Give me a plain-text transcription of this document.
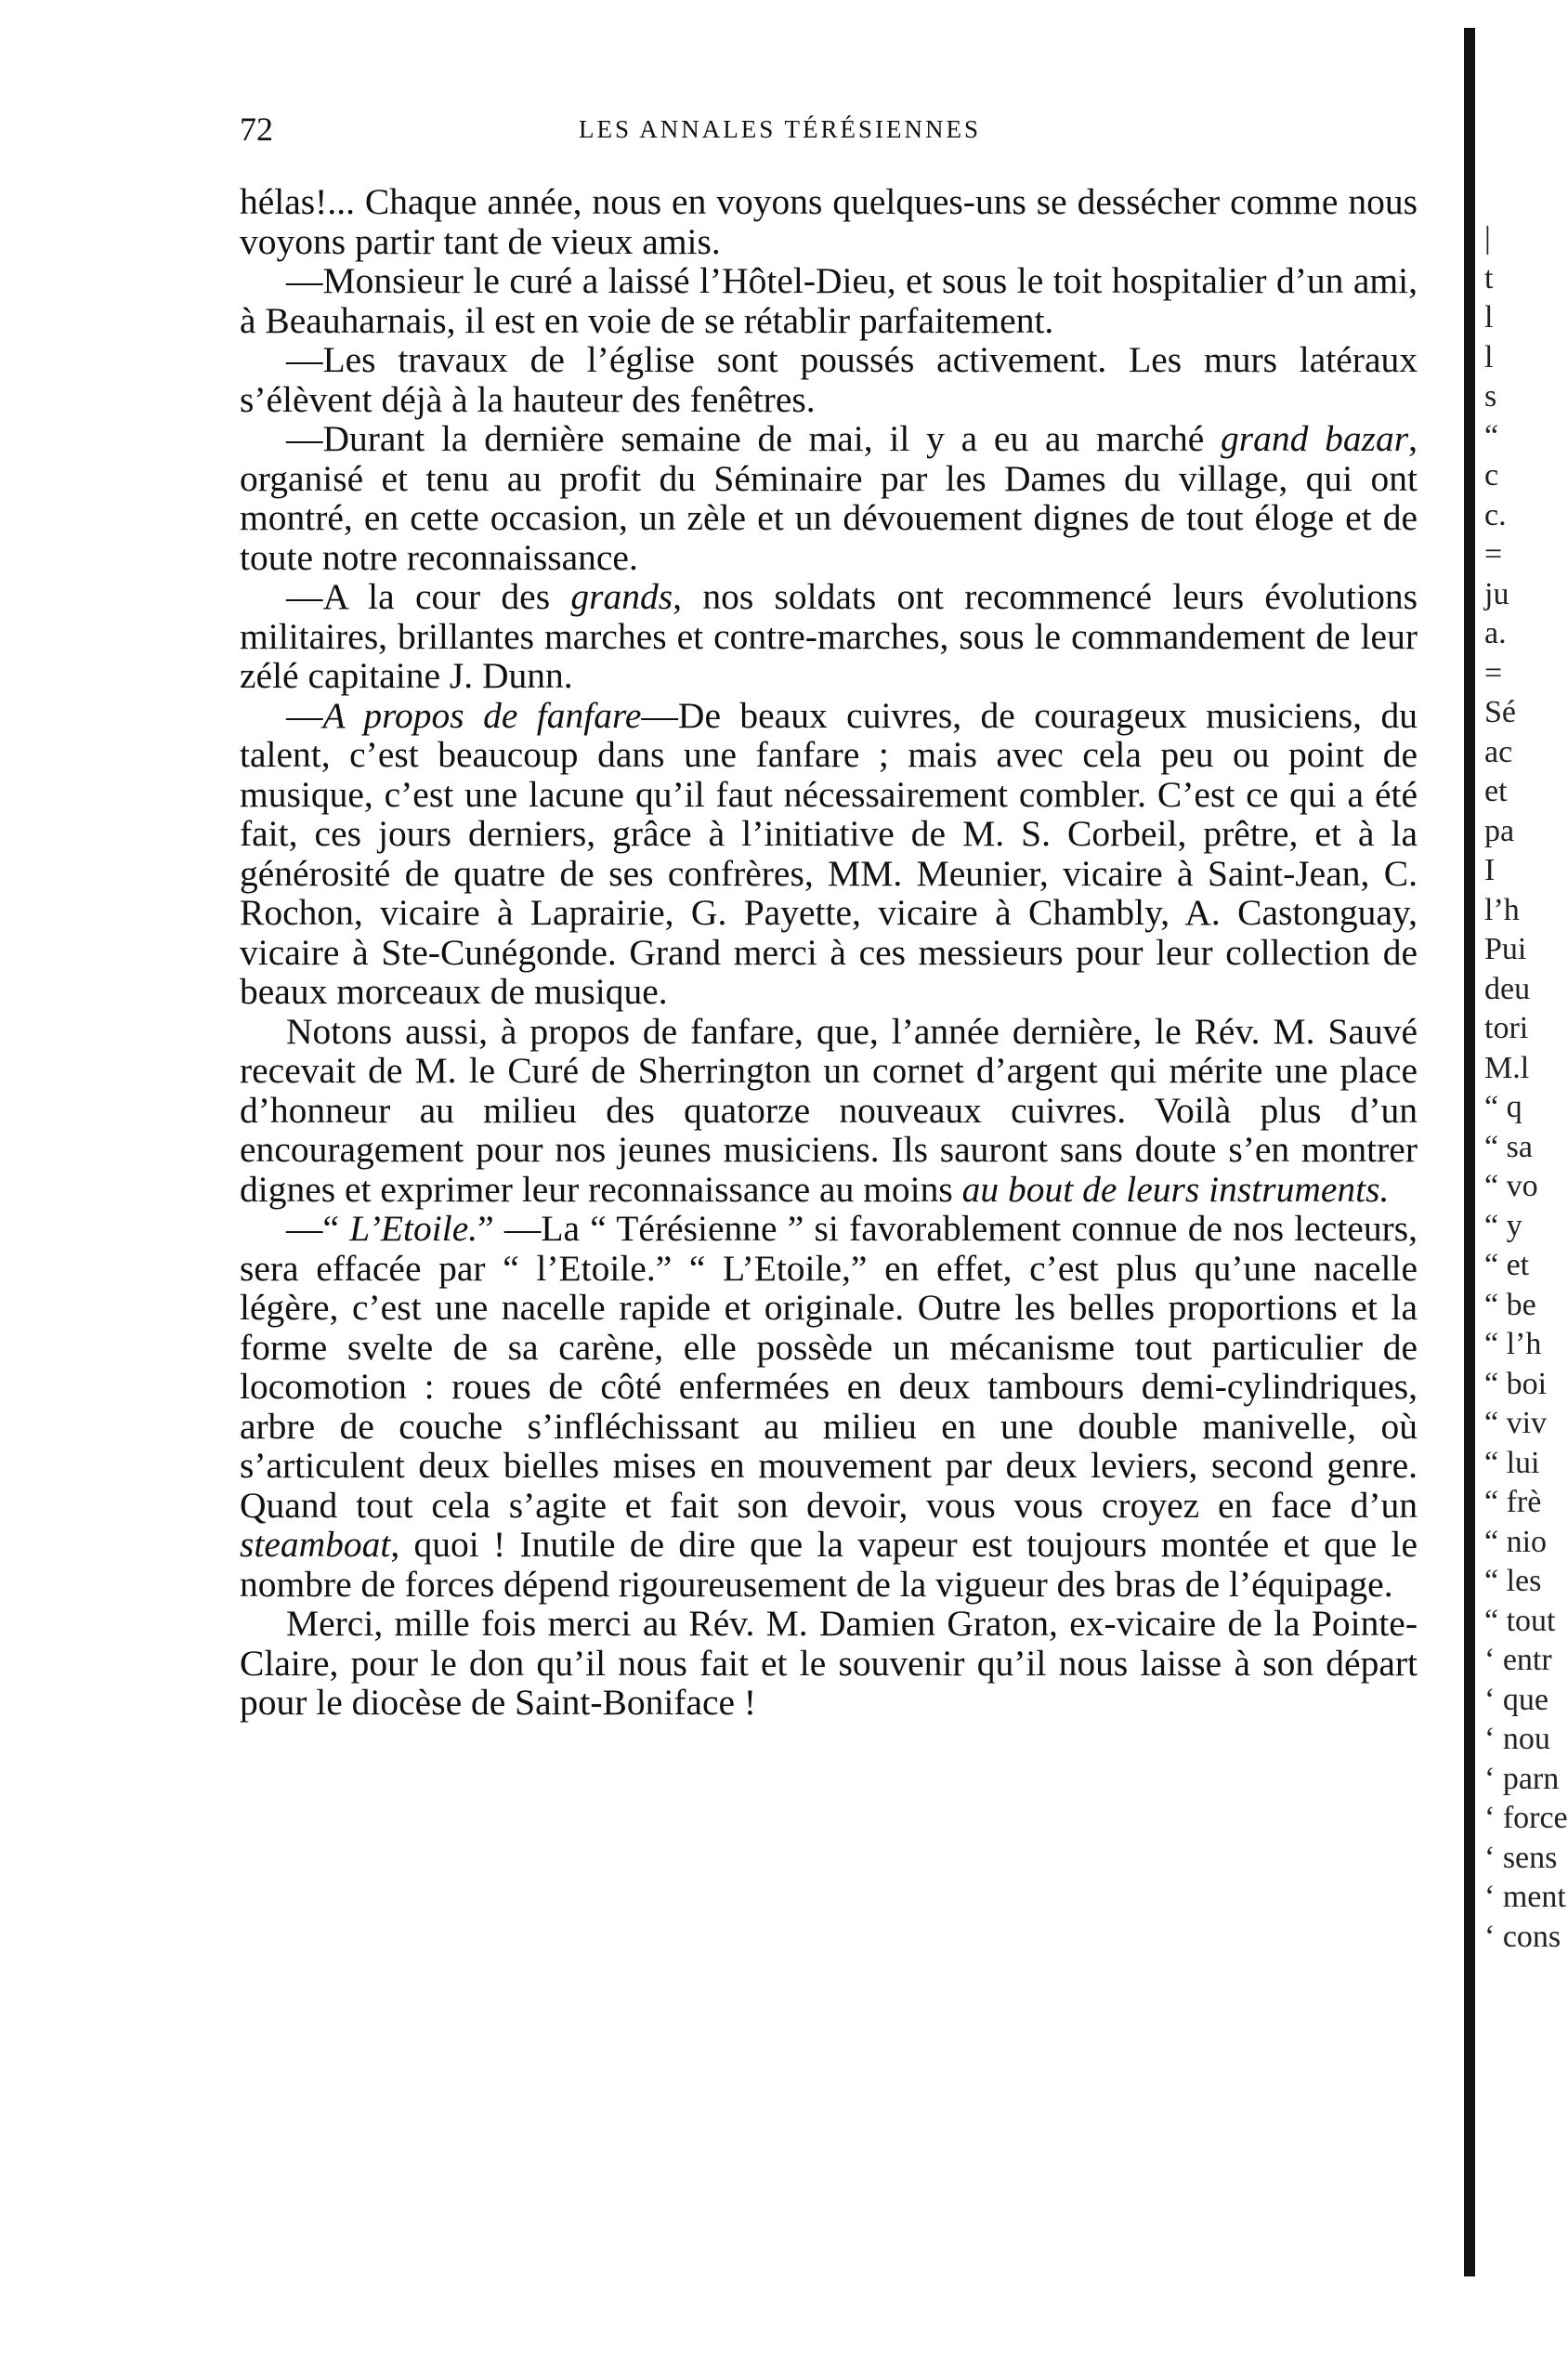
72	LES ANNALES TÉRÉSIENNES

hélas!... Chaque année, nous en voyons quelques-uns se dessécher comme nous voyons partir tant de vieux amis.

—Monsieur le curé a laissé l’Hôtel-Dieu, et sous le toit hospitalier d’un ami, à Beauharnais, il est en voie de se rétablir parfaitement.

—Les travaux de l’église sont poussés activement. Les murs latéraux s’élèvent déjà à la hauteur des fenêtres.

—Durant la dernière semaine de mai, il y a eu au marché grand bazar, organisé et tenu au profit du Séminaire par les Dames du village, qui ont montré, en cette occasion, un zèle et un dévouement dignes de tout éloge et de toute notre reconnaissance.

—A la cour des grands, nos soldats ont recommencé leurs évolutions militaires, brillantes marches et contre-marches, sous le commandement de leur zélé capitaine J. Dunn.

—A propos de fanfare—De beaux cuivres, de courageux musiciens, du talent, c’est beaucoup dans une fanfare ; mais avec cela peu ou point de musique, c’est une lacune qu’il faut nécessairement combler. C’est ce qui a été fait, ces jours derniers, grâce à l’initiative de M. S. Corbeil, prêtre, et à la générosité de quatre de ses confrères, MM. Meunier, vicaire à Saint-Jean, C. Rochon, vicaire à Laprairie, G. Payette, vicaire à Chambly, A. Castonguay, vicaire à Ste-Cunégonde. Grand merci à ces messieurs pour leur collection de beaux morceaux de musique.

Notons aussi, à propos de fanfare, que, l’année dernière, le Rév. M. Sauvé recevait de M. le Curé de Sherrington un cornet d’argent qui mérite une place d’honneur au milieu des quatorze nouveaux cuivres. Voilà plus d’un encouragement pour nos jeunes musiciens. Ils sauront sans doute s’en montrer dignes et exprimer leur reconnaissance au moins au bout de leurs instruments.

—“ L’Etoile.” —La “ Térésienne ” si favorablement connue de nos lecteurs, sera effacée par “ l’Etoile.” “ L’Etoile,” en effet, c’est plus qu’une nacelle légère, c’est une nacelle rapide et originale. Outre les belles proportions et la forme svelte de sa carène, elle possède un mécanisme tout particulier de locomotion : roues de côté enfermées en deux tambours demi-cylindriques, arbre de couche s’infléchissant au milieu en une double manivelle, où s’articulent deux bielles mises en mouvement par deux leviers, second genre. Quand tout cela s’agite et fait son devoir, vous vous croyez en face d’un steamboat, quoi ! Inutile de dire que la vapeur est toujours montée et que le nombre de forces dépend rigoureusement de la vigueur des bras de l’équipage.

Merci, mille fois merci au Rév. M. Damien Graton, ex-vicaire de la Pointe-Claire, pour le don qu’il nous fait et le souvenir qu’il nous laisse à son départ pour le diocèse de Saint-Boniface !

|
t
l
l
s
“
c
c.
=
ju
a.
=
Sé
ac
et
pa
I
l’h
Pui
deu
tori
M.l
“ q
“ sa
“ vo
“ y
“ et
“ be
“ l’h
“ boi
“ viv
“ lui
“ frè
“ nio
“ les
“ tout
‘ entr
‘ que
‘ nou
‘ parn
‘ force
‘ sens
‘ ment
‘ cons
